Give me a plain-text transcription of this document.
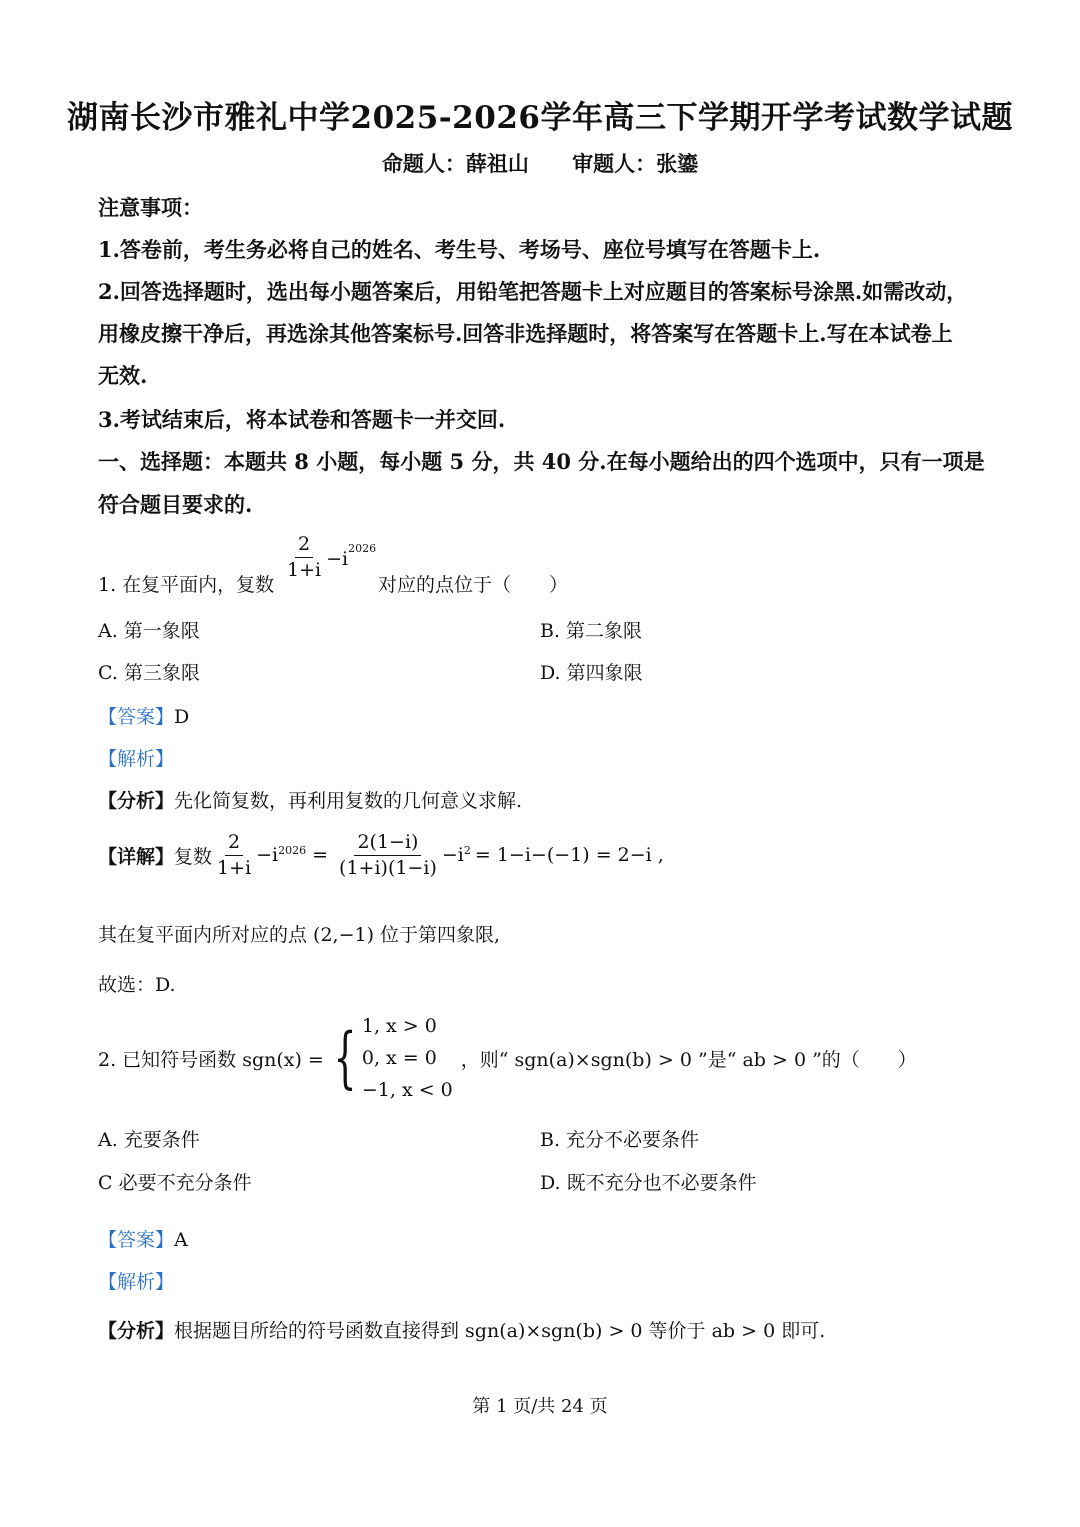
湖南长沙市雅礼中学2025-2026学年高三下学期开学考试数学试题
命题人：薛祖山 审题人：张鎏
注意事项：
1.答卷前，考生务必将自己的姓名、考生号、考场号、座位号填写在答题卡上.
2.回答选择题时，选出每小题答案后，用铅笔把答题卡上对应题目的答案标号涂黑.如需改动，
用橡皮擦干净后，再选涂其他答案标号.回答非选择题时，将答案写在答题卡上.写在本试卷上
无效.
3.考试结束后，将本试卷和答题卡一并交回.
一、选择题：本题共 8 小题，每小题 5 分，共 40 分.在每小题给出的四个选项中，只有一项是
符合题目要求的.
1. 在复平面内，复数
$\frac{2}{1+i} -i^{2026}$
对应的点位于（　　）
A. 第一象限	B. 第二象限
C. 第三象限	D. 第四象限
【答案】D
【解析】
【分析】先化简复数，再利用复数的几何意义求解.
【详解】 复数 $\frac{2}{1+i} -i^{2026} = \frac{2(1-i)}{(1+i)(1-i)} -i^2 = 1-i-(-1) = 2-i$ ,
其在复平面内所对应的点 (2,−1) 位于第四象限,
故选：D.
2. 已知符号函数 sgn(x) = { 1, x > 0
0, x = 0
−1, x < 0
，则“ sgn(a)×sgn(b) > 0 ”是“ ab > 0 ”的（　　）
A. 充要条件	B. 充分不必要条件
C 必要不充分条件	D. 既不充分也不必要条件
【答案】A
【解析】
【分析】根据题目所给的符号函数直接得到 sgn(a)×sgn(b) > 0 等价于 ab > 0 即可.
第 1 页/共 24 页
